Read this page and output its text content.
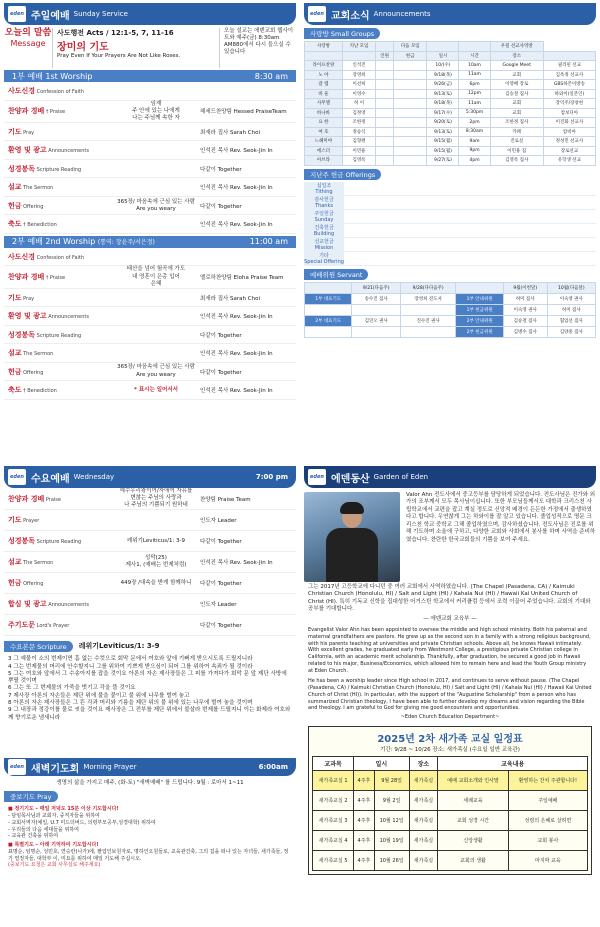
eden 주일예배 Sunday Service
오늘의 말씀
Message
사도행전 Acts / 12:1-5, 7, 11-16
장미의 기도
Pray Even If Your Prayers Are Not Like Roses.
오늘 설교는 에덴교회 웹사이트와 예주(금) 8:30am AM880에서 다시 들으실 수 있습니다
1부 예배 1st Worship	8:30 am
사도신경 Confession of Faith
찬양과 경배 † Praise
임재
주 안에 있는 나에게
나는 주님께 속한 자
헤세드찬양팀 Hessed PraiseTeam
기도 Pray	최새라 집사 Sarah Choi
환영 및 광고 Announcements	인석진 목사 Rev. Seok-Jin In
성경봉독 Scripture Reading	다같이 Together
설교 The Sermon	인석진 목사 Rev. Seok-Jin In
헌금 Offering
365장/ 마음속에 근심 있는 사람
Are you weary	다같이 Together
축도 † Benediction	인석진 목사 Rev. Seok-Jin In
2부 예배 2nd Worship (통역: 장윤주/서은정)	11:00 am
사도신경 Confession of Faith
찬양과 경배 † Praise
태산을 넘어 험곡에 가도
내 영혼이 은총 입어
은혜
엘로하찬양팀 Eloha Praise Team
기도 Pray	최새라 집사 Sarah Choi
환영 및 광고 Announcements	인석진 목사 Rev. Seok-Jin In
성경봉독 Scripture Reading	다같이 Together
설교 The Sermon	인석진 목사 Rev. Seok-Jin In
헌금 Offering
365장/ 마음속에 근심 있는 사람
Are you weary	다같이 Together
축도 † Benediction	* 표시는 일어서서	인석진 목사 Rev. Seok-Jin In
eden 교회소식 Announcements
사랑방 Small Groups
사랑방	지난 모임		다음 모임			우릴 선교사역방	
		인원	헌금	일시	시간	장소	
라이프찬양	인석진			10/(수)	10am	Google Meet	필리핀 선교
노 아	장영희			9/18(목)	11am	교회	김옥정 선교사
갈 렙	이선희			9/26(금)	6pm	이영배 장로	GBS하몬이방송
바 울	이영수			9/13(토)	12pm	김승철 집사	하와이(일본인)
사무엘	허 이			9/18(목)	11am	교회	장익주/장창헌
바나바	김정영			9/17(수)	5:30pm	교회	캄보디아
요 한	조한정			9/20(토)	2pm	조한정 집사	이진화 선교사
여 호	정승식			9/13(토)	8:30am	카페	캄비아
느헤미야	김형렌			9/15(월)	9am	진로실	정성민 선교사
에스더	이민용			9/15(월)	9pm	이민용 집	장로선교
아브라	김영록			9/27(토)	4pm	김영록 집사	유학생 선교
지난주 헌금 Offerings
십일조
Tithing
감사헌금
Thanks
주일헌금
Sunday
건축헌금
Building
선교헌금
Mission
기타
Special Offering
예배위원 Servant
	9/21(다음주)	9/28(다다음주)		9월(이번달)	10월(다음달)
1부 대표기도	송수진 집사	장영희 전도사	1부 안내위원	허미 집사	이숙영 권사
			1부 헌금위원	이숙영 권사	허미 집사
2부 대표기도	김연오 권사	진수진 권사	2부 안내위원	김승철 집사	협업선 집사
			2부 헌금위원	김병수 집사	김양중 집사
eden 수요예배 Wednesday	7:00 pm
찬양과 경배 Praise
예수우리왕이여/자애여 자유를
변찮는 주님의 사랑과
나 주님의 기쁨되기 원하네
찬양팀 Praise Team
기도 Prayer	인도자 Leader
성경봉독 Scripture Reading	레위기Leviticus/1: 3-9	다같이 Together
설교 The Sermon
성막(25)
제사1, (예배는 번제처럼)	인석진 목사 Rev. Seok-Jin In
헌금 Offering	449장 /대속을 받게 함께하니	다같이 Together
합심 및 광고 Announcements	인도자 Leader
주기도문 Lord's Prayer	다같이 Together
수요본문 Scripture	레위기Leviticus/1: 3-9
3 그 예물이 소의 번제이면 흠 없는 수컷으로 회막 문에서 여호와 앞에 기뻐게 받으시도록 드릴지니라
4 그는 번제물의 머리에 안수할지니 그를 위하여 기쁘게 받으심이 되어 그를 위하여 속죄가 될 것이라
5 그는 여호와 앞에서 그 수송아지를 잡을 것이요 아론의 자손 제사장들은 그 피를 가져다가 회막 문 앞 제단 사방에 뿌릴 것이며
6 그는 또 그 번제물의 가죽을 벗기고 각을 뜰 것이요
7 제사장 아론의 자손들은 제단 위에 불을 붙이고 불 위에 나무를 벌여 놓고
8 아론의 자손 제사장들은 그 뜬 각과 머리와 기름을 제단 위의 불 위에 있는 나무에 벌여 놓을 것이며
9 그 내장과 정강이를 물로 씻을 것이요 제사장은 그 전부를 제단 위에서 불살라 번제를 드릴지니 이는 화제라 여호와께 향기로운 냄새니라
eden 새벽기도회 Morning Prayer	6:00am
생명의 삶을 가지고 매주, (화-토) "새벽예배" 를 드립니다. 9월 : 로마서 1~11
중보기도 Pray
■ 정기기도 – 매일 저녁도 15분 이상 기도합시다!
- 담임목사님과 교회자, 중직자들을 위하여
- 교회서역자(예일, U.7 미드더버드, 의령부모공부,성경대학) 위하여
- 우리들의 다음 세대들을 위하여
- 교육관 건축을 위하여
■ 특별기도 – 아래 기억하여 기도합시다!
표명순, 임명순, 성민호, 연승란(나가)에, 팔업인보원자로, 명하인오원들로, 교육관건축, 그의 집을 떠나 있는 자녀들, 새가족들, 정기 열정자들, 대학부 이, 미요를 위하여 매일 기도해 주십시오.
(중보기도 요청은 교회 사무실로 해주세요)
eden 에덴동산 Garden of Eden
Valor Ahn 전도사에서 중고등부를 담당하게 되었습니다. 전도사님은 진가와 외가의 조부께서 모두 목사님이십니다. 또한 부모님들께서도 대학과 크리스천 사립학교에서 교편을 잡고 계실 정도로 신앙적 배경이 든든한 가정에서 출생하였다고 합니다. 우연찮게 그는 하와이를 잘 알고 있습니다. 졸업성적으로 명문 크리스천 학교 중학교 그해 졸업하였으며, 감사하셨습니다. 전도사님은 진로를 위해 기도하며 소울에 구하고, 다양한 교회와 사회에서 봉사를 하며 사역을 준비하였습니다. 찬란한 한국교회들의 기쁨을 보여 주세요.
그는 2017년 고등학교에 다니던 중 여러 교회에서 사역하였습니다. (The Chapel (Pasadena, CA) / Kaimuki Christian Church (Honolulu, HI) / Salt and Light (HI) / Kahala Nui (HI) / Hawaii Kai United Church of Christ (HI). 특히 기독교 신학을 집대성한 어거스틴 학교에서 커리큘럼 등에서 조력 이끌어 주었습니다. 교회의 기대와 공부를 기대합니다.
— 에덴교회 교육부 —
Evangelist Valor Ahn has been appointed to oversee the middle and high school ministry. Both his paternal and maternal grandfathers are pastors. He grew up as the second son in a family with a strong religious background, with his parents teaching at universities and private Christian schools. Above all, he knows Hawaii intimately. With excellent grades, he graduated early from Westmont College, a prestigious private Christian college in California, with an academic merit scholarship. Thankfully, after graduation, he secured a good job in Hawaii related to his major, Business/Economics, which allowed him to remain here and lead the Youth Group ministry at Eden Church.
He has been a worship leader since High school in 2017, and continues to serve without pause. (The Chapel (Pasadena, CA) / Kaimuki Christian Church (Honolulu, HI) / Salt and Light (HI) / Kahala Nui (HI) / Hawaii Kai United Church of Christ (HI)). In particular, with the support of the "Augustine Scholarship" from a person who has summarized Christian theology, I have been able to further develop my dreams and vision regarding the Bible and theology. I am grateful to God for giving me good encounters and opportunities.
~Eden Church Education Department~
2025년 2차 새가족 교실 일정표
기간: 9/28 ~ 10/26 장소: 새가족실 (수요일 일반 교육관)
교과목	일시		장소	교육내용	
새가족교실 1	4주후	9월 28일	새가족실	예배 교회소개와 인사말	환영하는 잔치 주관합니다!
새가족교실 2	4주후	9월 2일	새가족실	세례교육	주일예배
새가족교실 3	4주후	10월 12일	새가족실	교회 성경 시간	성령의 은혜로 살려면
새가족교실 4	4주후	10월 19일	새가족실	신앙생활	교회 봉사
새가족교실 5	4주후	10월 26일	새가족실	교회의 생활	마지막 교육
